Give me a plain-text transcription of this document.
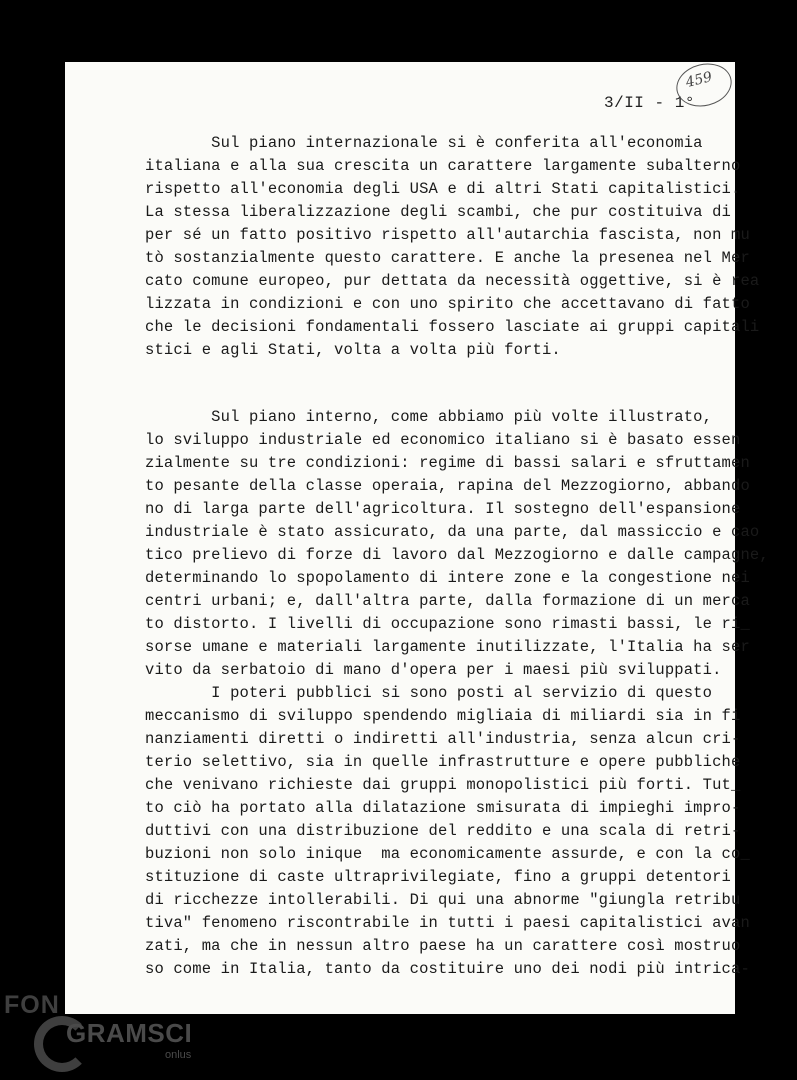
3/II - 1°
459
Sul piano internazionale si è conferita all'economia
italiana e alla sua crescita un carattere largamente subalterno
rispetto all'economia degli USA e di altri Stati capitalistici.
La stessa liberalizzazione degli scambi, che pur costituiva di
per sé un fatto positivo rispetto all'autarchia fascista, non mu
tò sostanzialmente questo carattere. E anche la presenea nel Mer
cato comune europeo, pur dettata da necessità oggettive, si è rea
lizzata in condizioni e con uno spirito che accettavano di fatto
che le decisioni fondamentali fossero lasciate ai gruppi capitali
stici e agli Stati, volta a volta più forti.
Sul piano interno, come abbiamo più volte illustrato,
lo sviluppo industriale ed economico italiano si è basato essen
zialmente su tre condizioni: regime di bassi salari e sfruttamen
to pesante della classe operaia, rapina del Mezzogiorno, abbando
no di larga parte dell'agricoltura. Il sostegno dell'espansione
industriale è stato assicurato, da una parte, dal massiccio e cao
tico prelievo di forze di lavoro dal Mezzogiorno e dalle campagne,
determinando lo spopolamento di intere zone e la congestione nei
centri urbani; e, dall'altra parte, dalla formazione di un merca
to distorto. I livelli di occupazione sono rimasti bassi, le ri_
sorse umane e materiali largamente inutilizzate, l'Italia ha ser
vito da serbatoio di mano d'opera per i maesi più sviluppati.
I poteri pubblici si sono posti al servizio di questo
meccanismo di sviluppo spendendo migliaia di miliardi sia in fi
nanziamenti diretti o indiretti all'industria, senza alcun cri-
terio selettivo, sia in quelle infrastrutture e opere pubbliche
che venivano richieste dai gruppi monopolistici più forti. Tut_
to ciò ha portato alla dilatazione smisurata di impieghi impro-
duttivi con una distribuzione del reddito e una scala di retri-
buzioni non solo inique  ma economicamente assurde, e con la co_
stituzione di caste ultraprivilegiate, fino a gruppi detentori
di ricchezze intollerabili. Di qui una abnorme "giungla retribu
tiva" fenomeno riscontrabile in tutti i paesi capitalistici avan
zati, ma che in nessun altro paese ha un carattere così mostruo
so come in Italia, tanto da costituire uno dei nodi più intrica-
FON
GRAMSCI
onlus
